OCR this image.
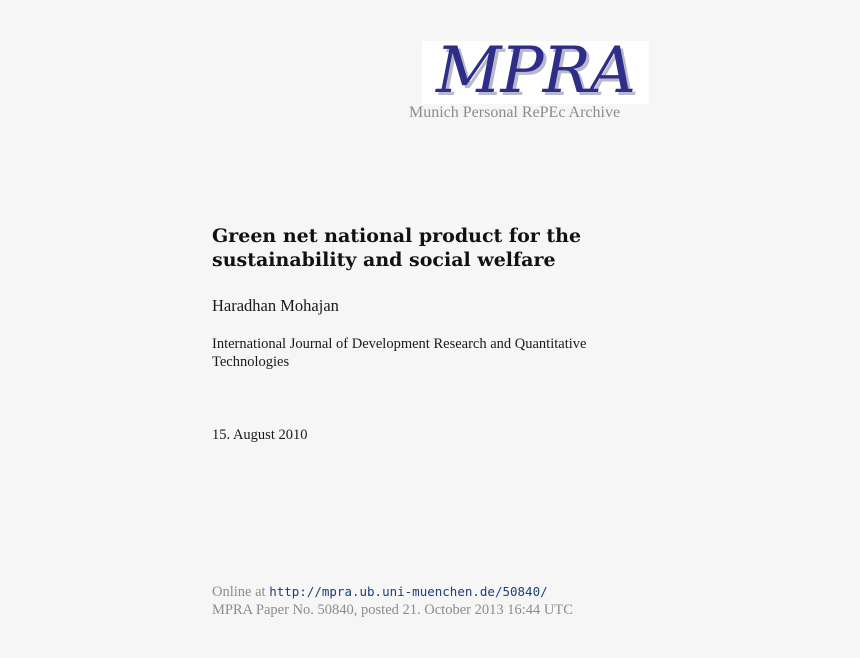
MPRA
Munich Personal RePEc Archive
Green net national product for the sustainability and social welfare
Haradhan Mohajan
International Journal of Development Research and Quantitative Technologies
15. August 2010
Online at http://mpra.ub.uni-muenchen.de/50840/
MPRA Paper No. 50840, posted 21. October 2013 16:44 UTC
